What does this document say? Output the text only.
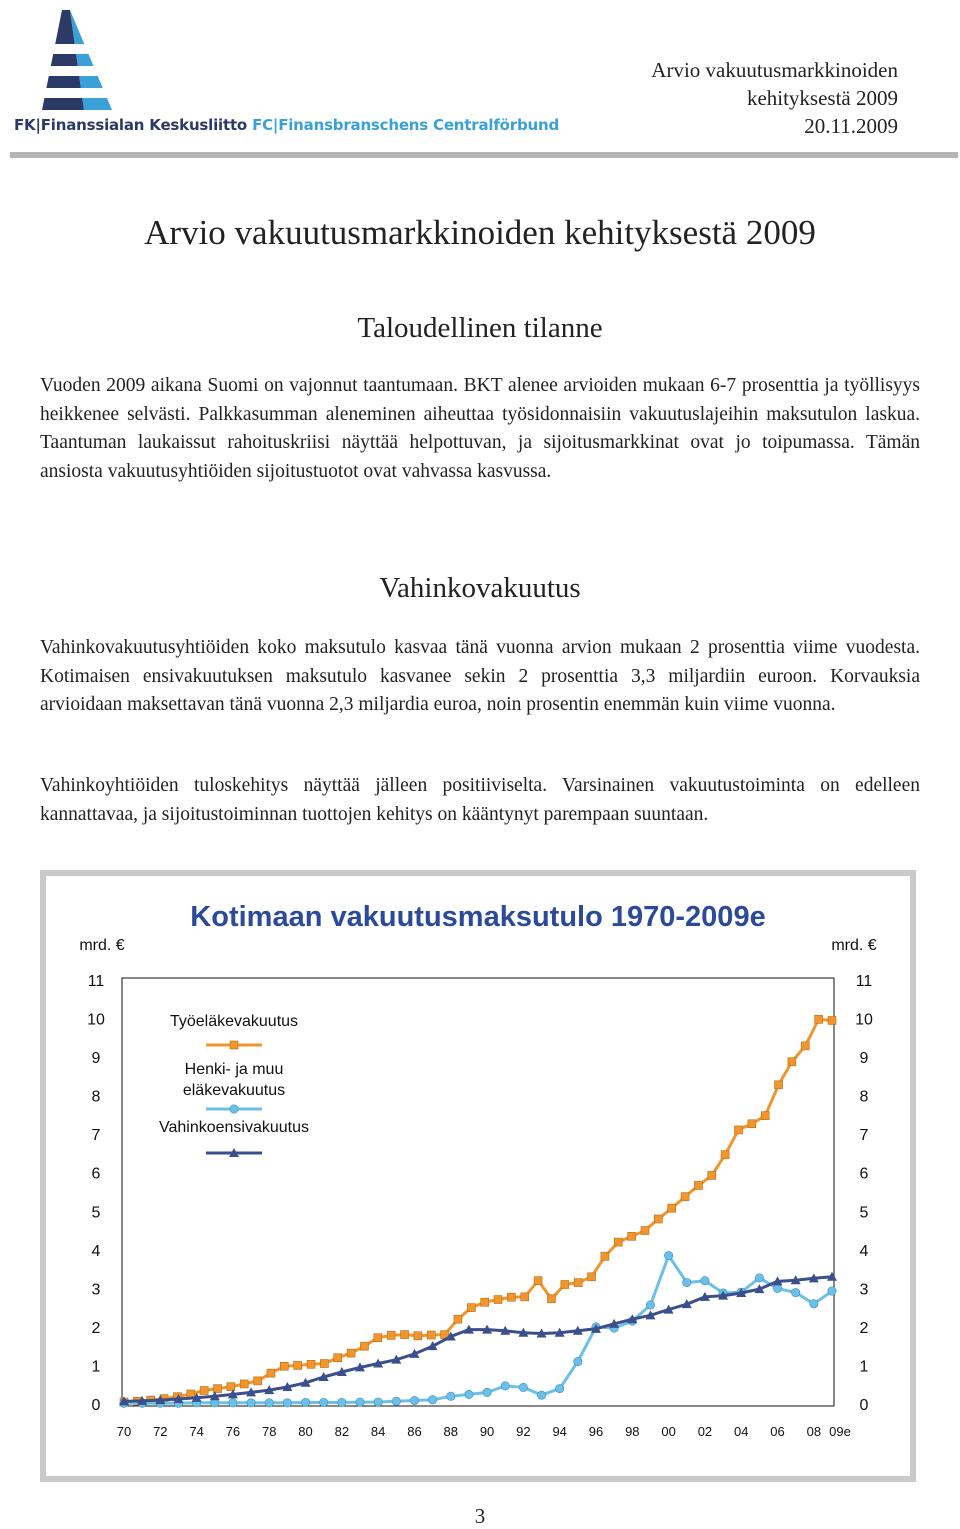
FK|Finanssialan Keskusliitto FC|Finansbranschens Centralförbund
Arvio vakuutusmarkkinoiden
kehityksestä 2009
20.11.2009
Arvio vakuutusmarkkinoiden kehityksestä 2009
Taloudellinen tilanne

Vuoden 2009 aikana Suomi on vajonnut taantumaan. BKT alenee arvioiden mukaan 6-7 prosenttia ja työllisyys heikkenee selvästi. Palkkasumman aleneminen aiheuttaa työsidonnaisiin vakuutuslajeihin maksutulon laskua. Taantuman laukaissut rahoituskriisi näyttää helpottuvan, ja sijoitusmarkkinat ovat jo toipumassa. Tämän ansiosta vakuutusyhtiöiden sijoitustuotot ovat vahvassa kasvussa.

Vahinkovakuutus

Vahinkovakuutusyhtiöiden koko maksutulo kasvaa tänä vuonna arvion mukaan 2 prosenttia viime vuodesta. Kotimaisen ensivakuutuksen maksutulo kasvanee sekin 2 prosenttia 3,3 miljardiin euroon. Korvauksia arvioidaan maksettavan tänä vuonna 2,3 miljardia euroa, noin prosentin enemmän kuin viime vuonna.

Vahinkoyhtiöiden tuloskehitys näyttää jälleen positiiviselta. Varsinainen vakuutustoiminta on edelleen kannattavaa, ja sijoitustoiminnan tuottojen kehitys on kääntynyt parempaan suuntaan.

Kotimaan vakuutusmaksutulo 1970-2009e
mrd. €	mrd. €
0	0
1	1
2	2
3	3
4	4
5	5
6	6
7	7
8	8
9	9
10	10
11	11
70 72 74 76 78 80 82 84 86 88 90 92 94 96 98 00 02 04 06 08 09e
Työeläkevakuutus
Henki- ja muu
eläkevakuutus
Vahinkoensivakuutus
3
